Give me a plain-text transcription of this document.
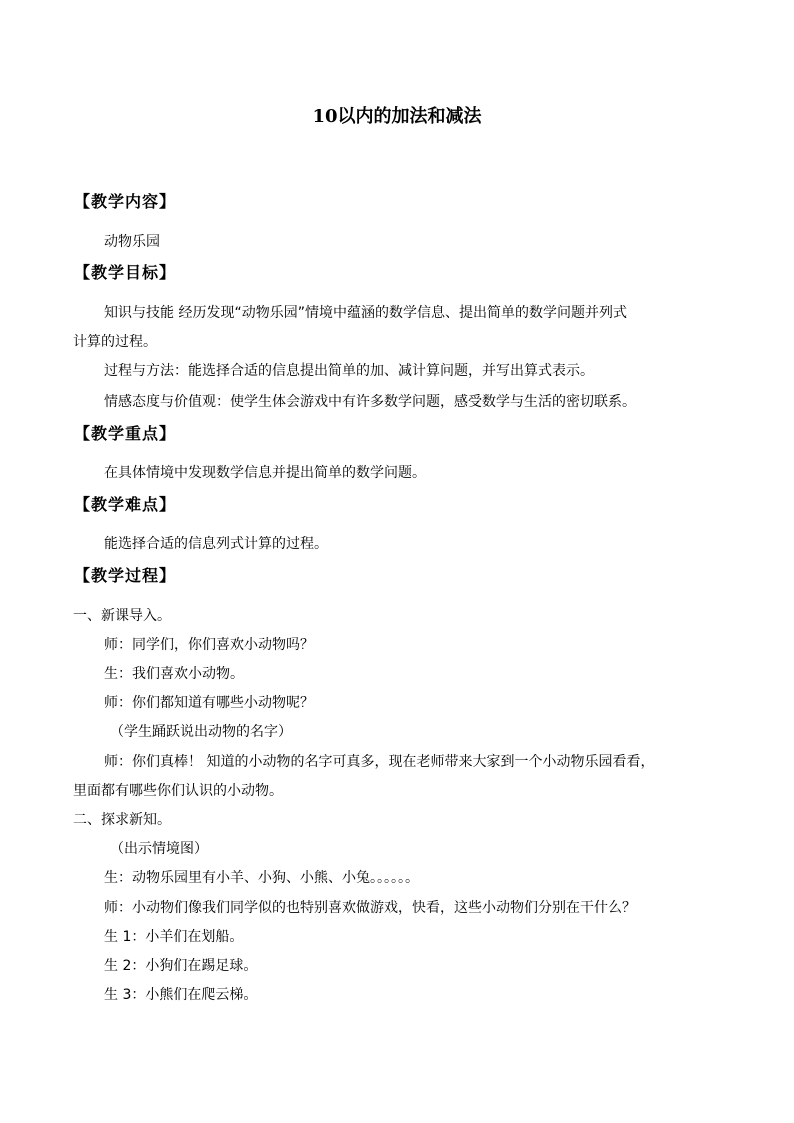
10以内的加法和减法
【教学内容】
动物乐园
【教学目标】
知识与技能 经历发现“动物乐园”情境中蕴涵的数学信息、提出简单的数学问题并列式
计算的过程。
过程与方法：能选择合适的信息提出简单的加、减计算问题，并写出算式表示。
情感态度与价值观：使学生体会游戏中有许多数学问题，感受数学与生活的密切联系。
【教学重点】
在具体情境中发现数学信息并提出简单的数学问题。
【教学难点】
能选择合适的信息列式计算的过程。
【教学过程】
一、新课导入。
师：同学们，你们喜欢小动物吗？
生：我们喜欢小动物。
师：你们都知道有哪些小动物呢？
（学生踊跃说出动物的名字）
师：你们真棒！ 知道的小动物的名字可真多，现在老师带来大家到一个小动物乐园看看，
里面都有哪些你们认识的小动物。
二、探求新知。
（出示情境图）
生：动物乐园里有小羊、小狗、小熊、小兔。。。。。。
师：小动物们像我们同学似的也特别喜欢做游戏，快看，这些小动物们分别在干什么？
生 1：小羊们在划船。
生 2：小狗们在踢足球。
生 3：小熊们在爬云梯。
